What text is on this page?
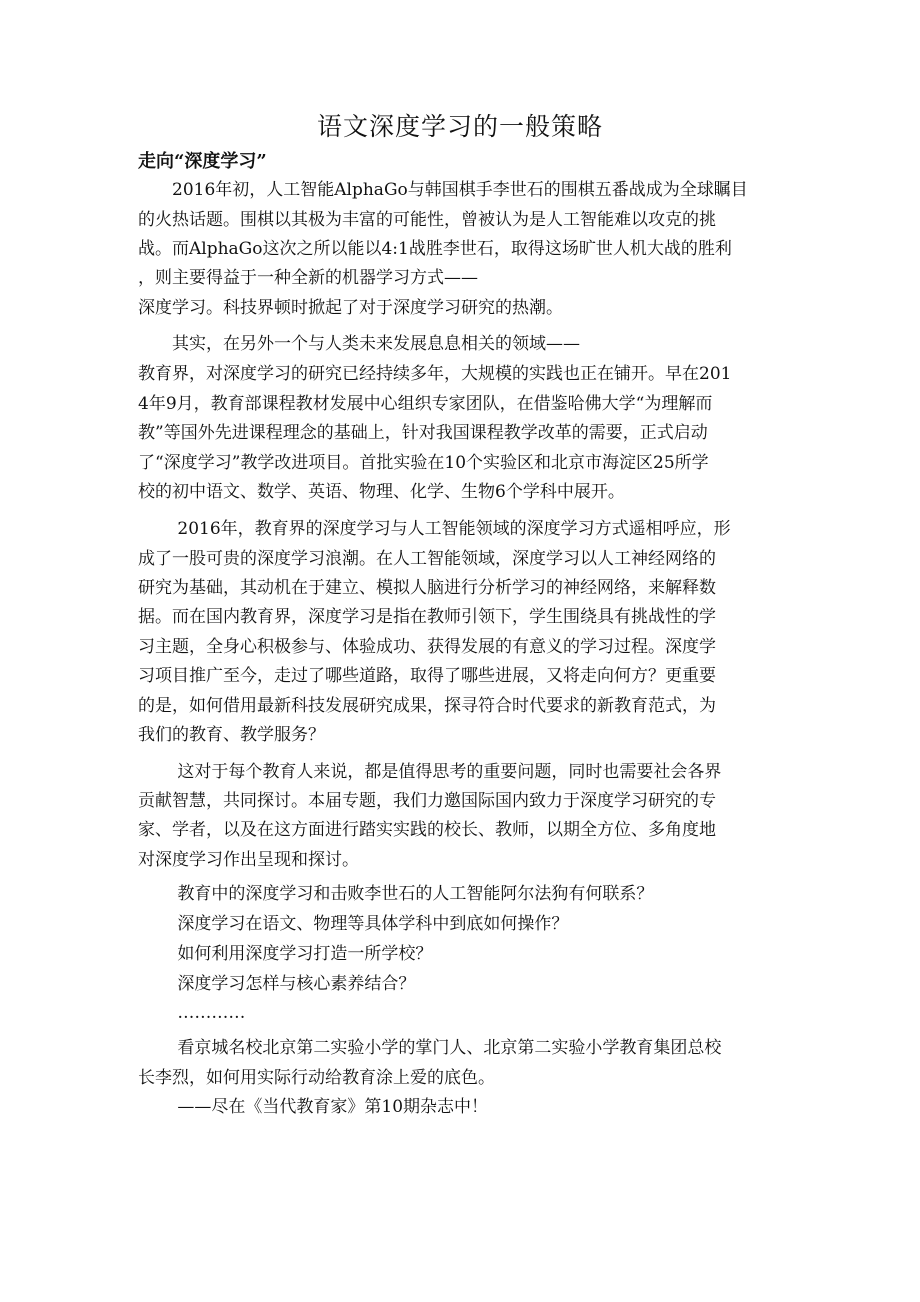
语文深度学习的一般策略
走向“深度学习”
　　2016年初，人工智能AlphaGo与韩国棋手李世石的围棋五番战成为全球瞩目
的火热话题。围棋以其极为丰富的可能性，曾被认为是人工智能难以攻克的挑
战。而AlphaGo这次之所以能以4:1战胜李世石，取得这场旷世人机大战的胜利
，则主要得益于一种全新的机器学习方式——
深度学习。科技界顿时掀起了对于深度学习研究的热潮。
　　其实，在另外一个与人类未来发展息息相关的领域——
教育界，对深度学习的研究已经持续多年，大规模的实践也正在铺开。早在201
4年9月，教育部课程教材发展中心组织专家团队，在借鉴哈佛大学“为理解而
教”等国外先进课程理念的基础上，针对我国课程教学改革的需要，正式启动
了“深度学习”教学改进项目。首批实验在10个实验区和北京市海淀区25所学
校的初中语文、数学、英语、物理、化学、生物6个学科中展开。
　　 2016年，教育界的深度学习与人工智能领域的深度学习方式遥相呼应，形
成了一股可贵的深度学习浪潮。在人工智能领域，深度学习以人工神经网络的
研究为基础，其动机在于建立、模拟人脑进行分析学习的神经网络，来解释数
据。而在国内教育界，深度学习是指在教师引领下，学生围绕具有挑战性的学
习主题，全身心积极参与、体验成功、获得发展的有意义的学习过程。深度学
习项目推广至今，走过了哪些道路，取得了哪些进展，又将走向何方？更重要
的是，如何借用最新科技发展研究成果，探寻符合时代要求的新教育范式，为
我们的教育、教学服务？
　　 这对于每个教育人来说，都是值得思考的重要问题，同时也需要社会各界
贡献智慧，共同探讨。本届专题，我们力邀国际国内致力于深度学习研究的专
家、学者，以及在这方面进行踏实实践的校长、教师，以期全方位、多角度地
对深度学习作出呈现和探讨。
　　 教育中的深度学习和击败李世石的人工智能阿尔法狗有何联系？
　　 深度学习在语文、物理等具体学科中到底如何操作？
　　 如何利用深度学习打造一所学校？
　　 深度学习怎样与核心素养结合？
　　 …………
　　 看京城名校北京第二实验小学的掌门人、北京第二实验小学教育集团总校
长李烈，如何用实际行动给教育涂上爱的底色。
　　 ——尽在《当代教育家》第10期杂志中！
